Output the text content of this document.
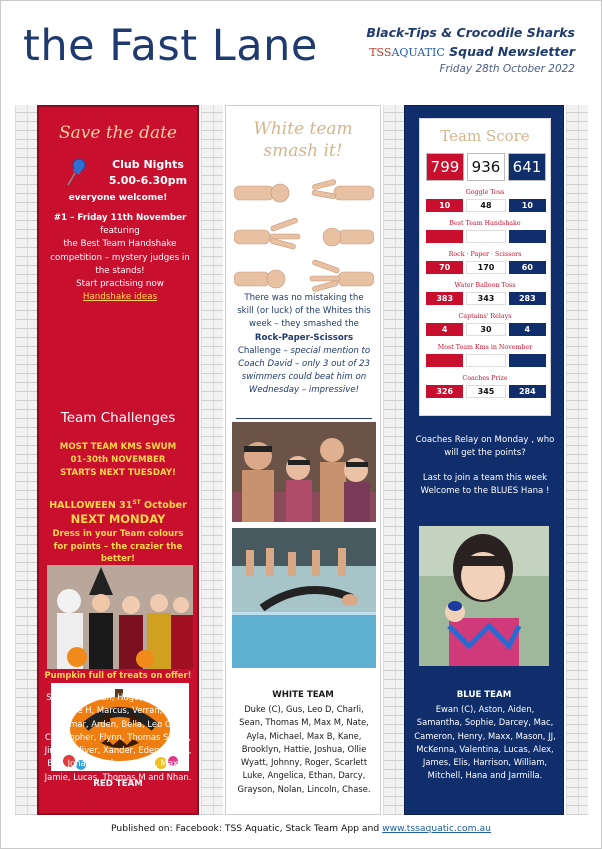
the Fast Lane	Black-Tips & Crocodile Sharks
TSSAQUATIC Squad Newsletter
Friday 28th October 2022
Save the date
Club Nights
5.00-6.30pm
everyone welcome!
#1 – Friday 11th November
featuring
the Best Team Handshake competition – mystery judges in the stands!
Start practising now
Handshake ideas
Team Challenges
MOST TEAM KMS SWUM
01-30th NOVEMBER
STARTS NEXT TUESDAY!
HALLOWEEN 31ST October
NEXT MONDAY
Dress in your Team colours for points – the crazier the better!
Pumpkin full of treats on offer!
RED TEAM
White team
smash it!
There was no mistaking the skill (or luck) of the Whites this week – they smashed the Rock-Paper-Scissors Challenge – special mention to Coach David – only 3 out of 23 swimmers could beat him on Wednesday – impressive!
WHITE TEAM
Duke (C), Gus, Leo D, Charli, Sean, Thomas M, Max M, Nate, Ayla, Michael, Max B, Kane, Brooklyn, Hattie, Joshua, Ollie Wyatt, Johnny, Roger, Scarlett Luke, Angelica, Ethan, Darcy, Grayson, Nolan, Lincoln, Chase.
Team Score
799 936 641
Goggle Toss
10	48	10
Best Team Handshake
Rock · Paper · Scissors
70	170	60
Water Balloon Toss
383	343	283
Captains' Relays
4	30	4
Most Team Kms in November
Coaches Prize
326	345	284
Coaches Relay on Monday , who will get the points?
Last to join a team this week Welcome to the BLUES Hana !
BLUE TEAM
Ewan (C), Aston, Aiden, Samantha, Sophie, Darcey, Mac, Cameron, Henry, Maxx, Mason, JJ, McKenna, Valentina, Lucas, Alex, James, Elis, Harrison, William, Mitchell, Hana and Jarmilla.
Sofia (C), Ethan, Hugo, Bonnie, AJ, Charlie H, Marcus, Verran, Eva, Omar, Arden, Bella, Leo C, Christopher, Flynn, Thomas S, Mia, Jinnie, Oliver, Xander, Eden, Owen, Ella, Jonah, Hudson, Nhan, Max K, Jamie, Lucas, Thomas M and Nhan.
Published on: Facebook: TSS Aquatic, Stack Team App and www.tssaquatic.com.au
